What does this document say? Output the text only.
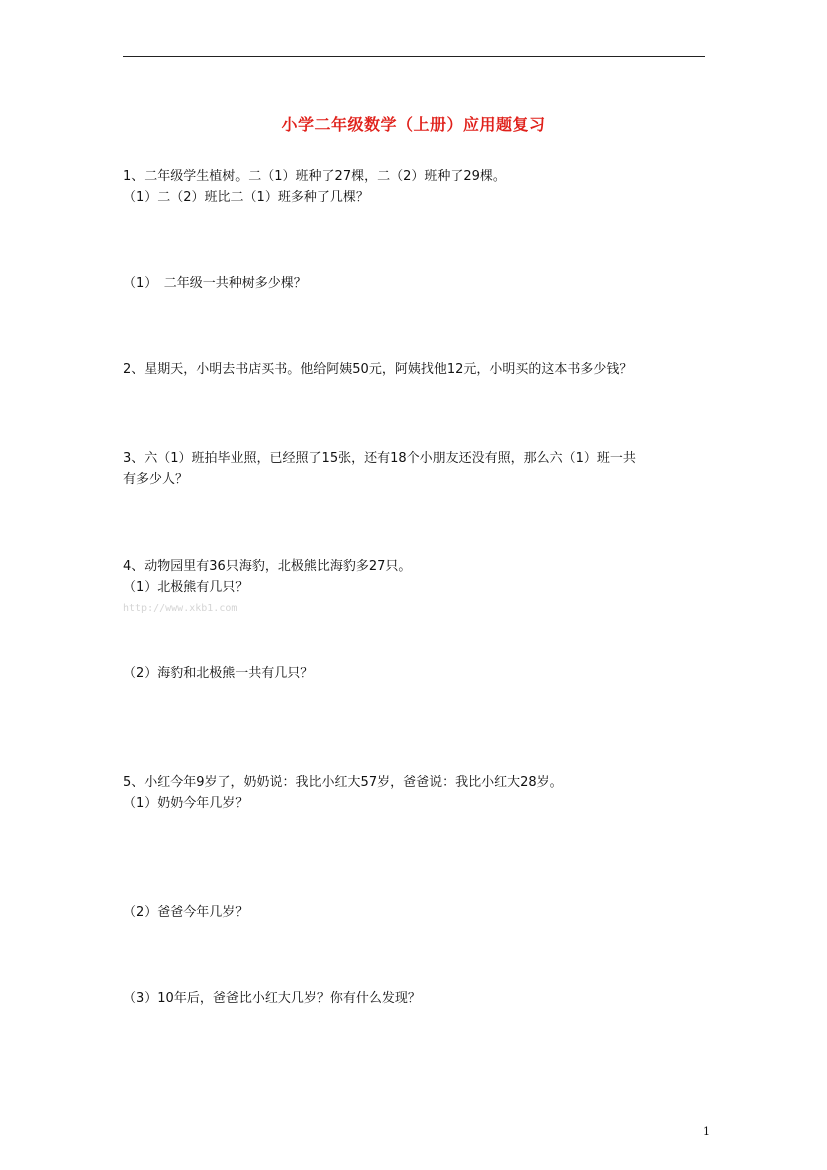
小学二年级数学（上册）应用题复习
1、二年级学生植树。二（1）班种了27棵，二（2）班种了29棵。
（1）二（2）班比二（1）班多种了几棵？
（1）　二年级一共种树多少棵？
2、星期天，小明去书店买书。他给阿姨50元，阿姨找他12元，小明买的这本书多少钱？
3、六（1）班拍毕业照，已经照了15张，还有18个小朋友还没有照，那么六（1）班一共
有多少人？
4、动物园里有36只海豹，北极熊比海豹多27只。
（1）北极熊有几只？
http://www.xkb1.com
（2）海豹和北极熊一共有几只？
5、小红今年9岁了，奶奶说：我比小红大57岁，爸爸说：我比小红大28岁。
（1）奶奶今年几岁？
（2）爸爸今年几岁？
（3）10年后，爸爸比小红大几岁？你有什么发现？
1
